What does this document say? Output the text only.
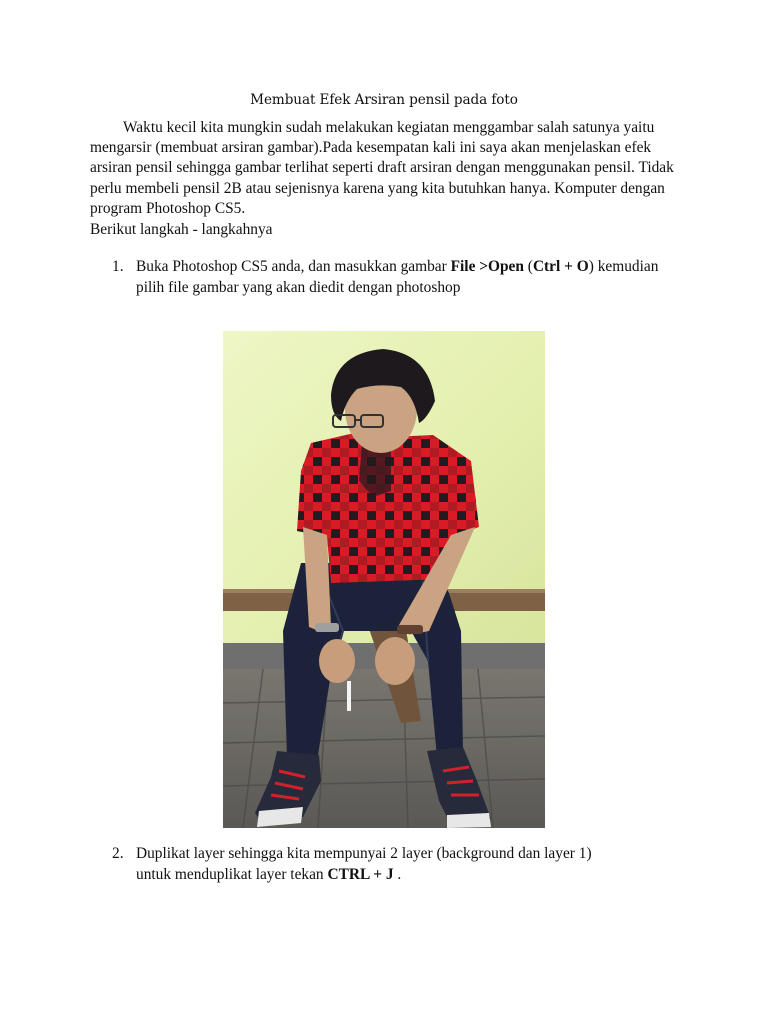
Membuat Efek Arsiran pensil pada foto

Waktu kecil kita mungkin sudah melakukan kegiatan menggambar salah satunya yaitu
mengarsir (membuat arsiran gambar).Pada kesempatan kali ini saya akan menjelaskan efek
arsiran pensil sehingga gambar terlihat seperti draft arsiran dengan menggunakan pensil. Tidak
perlu membeli pensil 2B atau sejenisnya karena yang kita butuhkan hanya. Komputer dengan
program Photoshop CS5.

Berikut langkah - langkahnya

1. Buka Photoshop CS5 anda, dan masukkan gambar File >Open (Ctrl + O) kemudian
pilih file gambar yang akan diedit dengan photoshop
2. Duplikat layer sehingga kita mempunyai 2 layer (background dan layer 1)
untuk menduplikat layer tekan CTRL + J .
